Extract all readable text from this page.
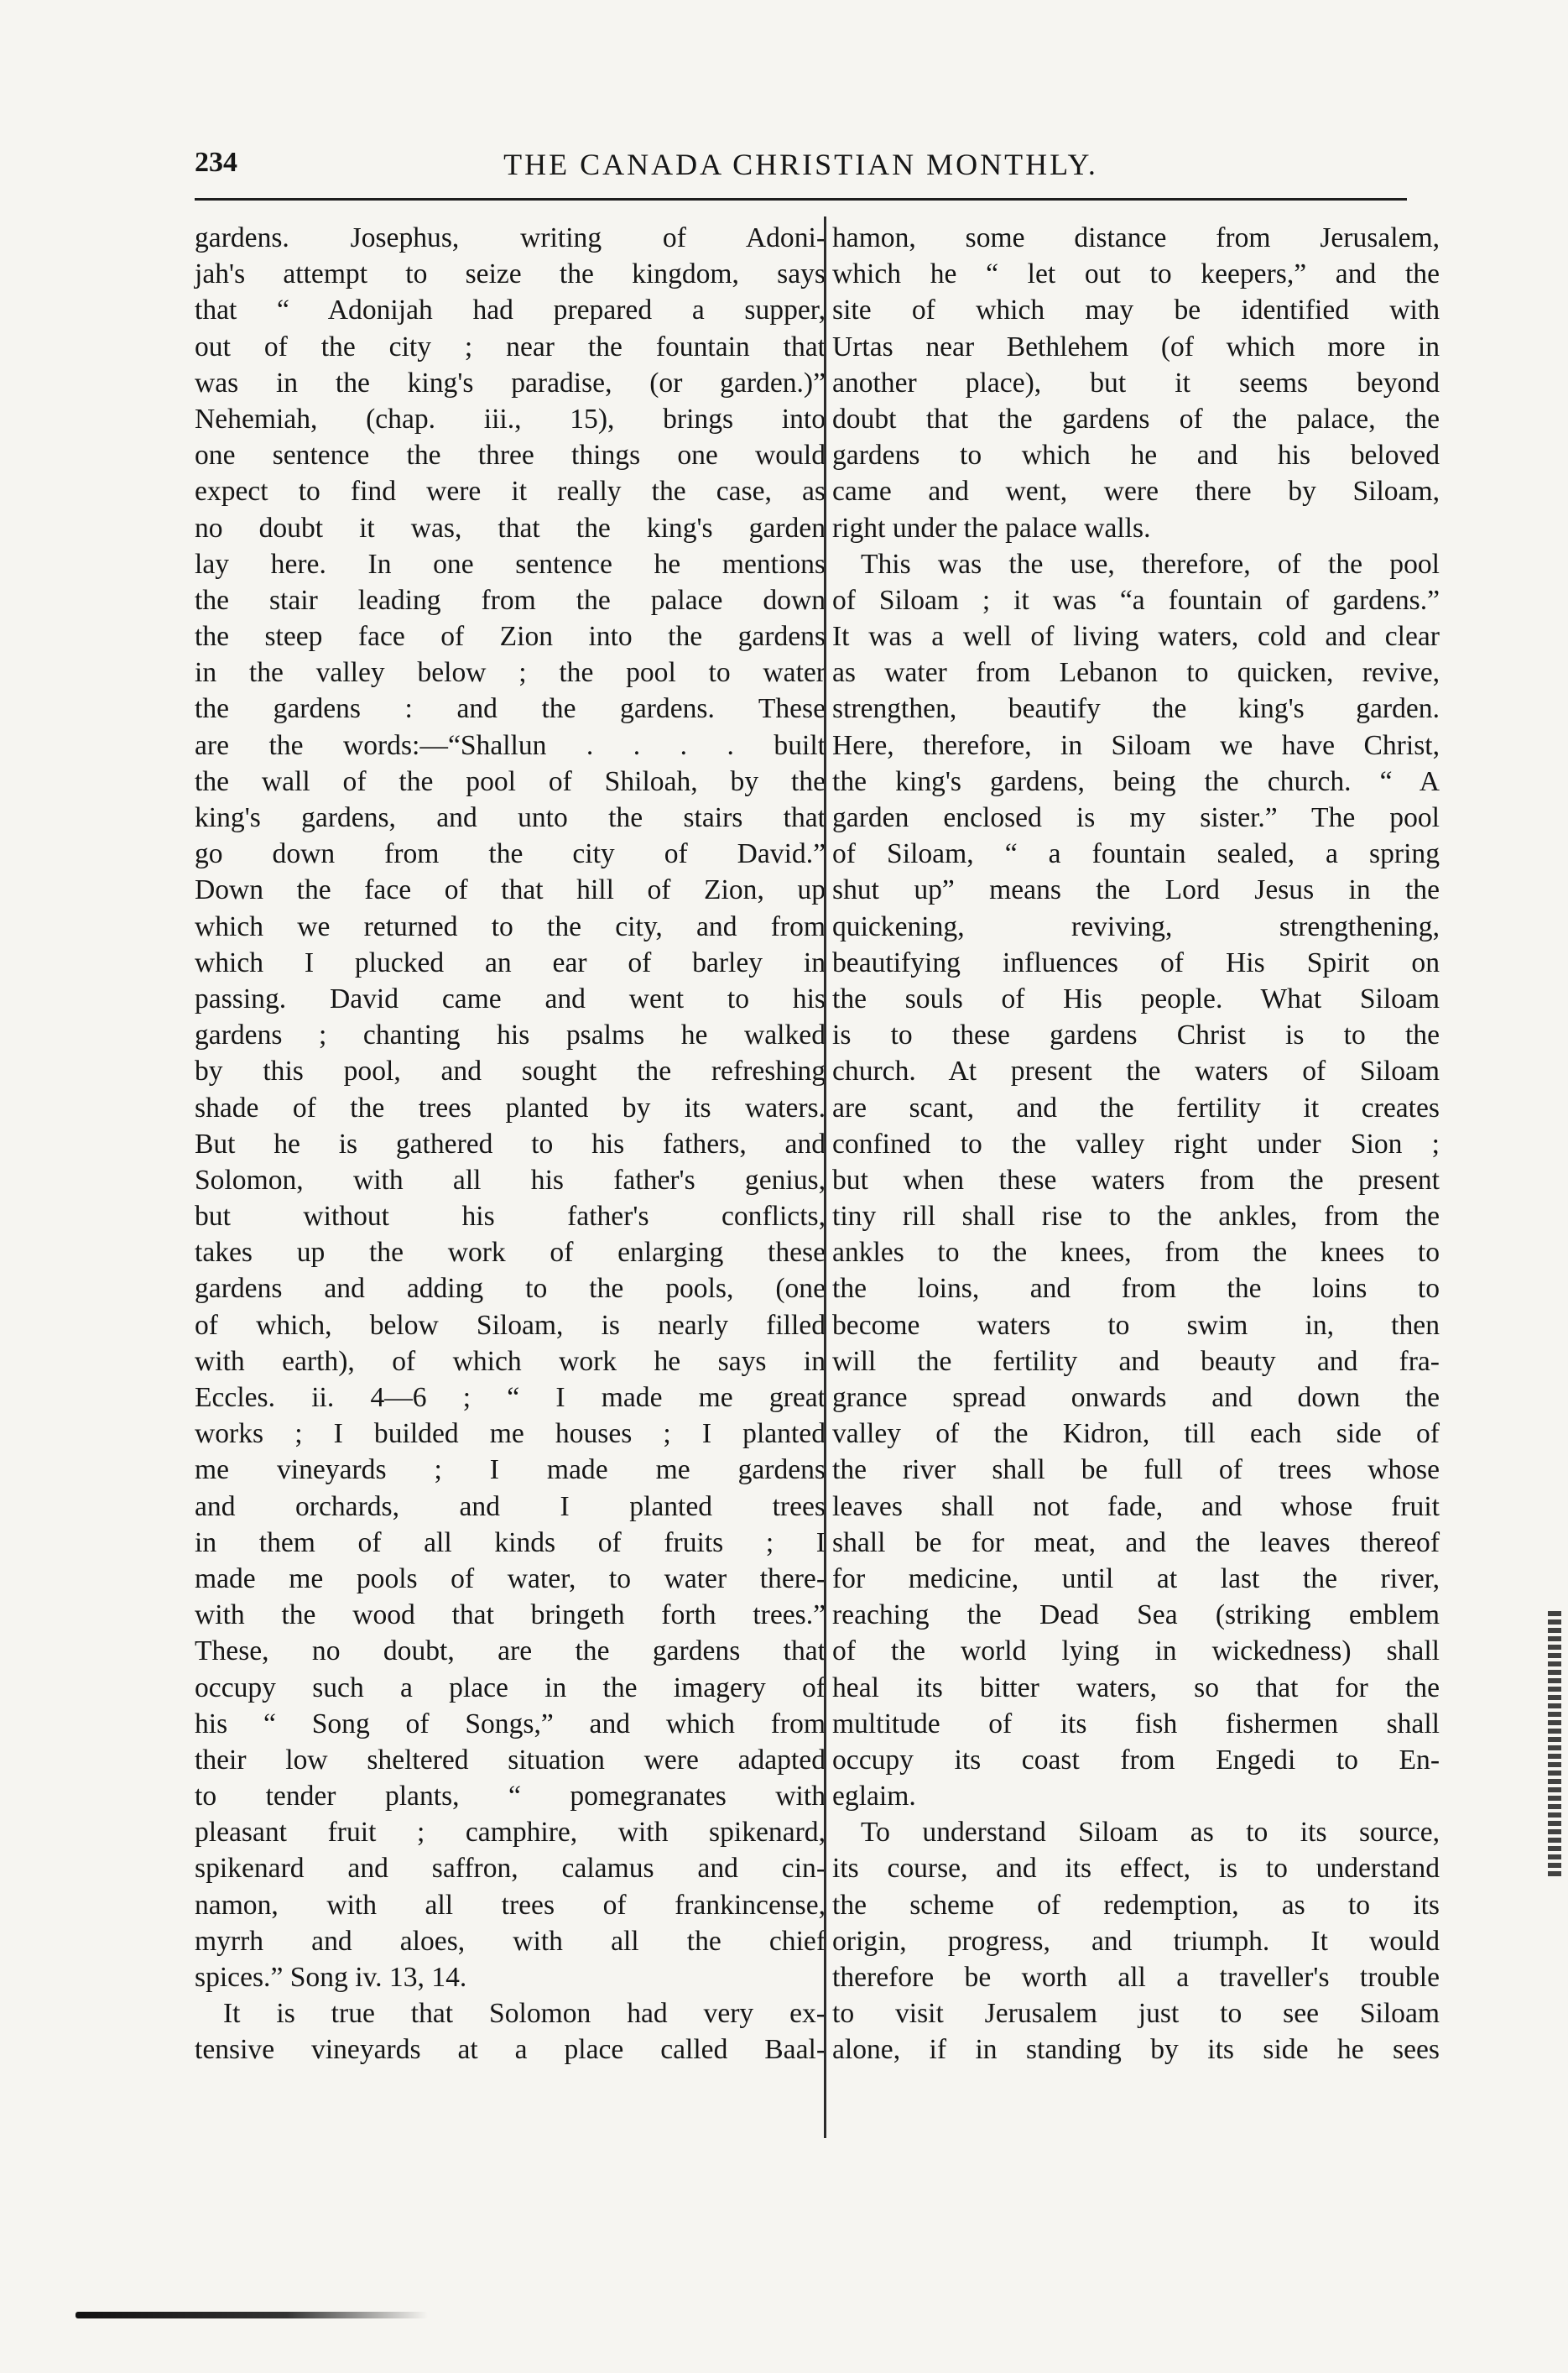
234	THE CANADA CHRISTIAN MONTHLY.
gardens. Josephus, writing of Adoni-
jah's attempt to seize the kingdom, says
that “ Adonijah had prepared a supper,
out of the city ; near the fountain that
was in the king's paradise, (or garden.)”
Nehemiah, (chap. iii., 15), brings into
one sentence the three things one would
expect to find were it really the case, as
no doubt it was, that the king's garden
lay here. In one sentence he mentions
the stair leading from the palace down
the steep face of Zion into the gardens
in the valley below ; the pool to water
the gardens : and the gardens. These
are the words:—“Shallun . . . . built
the wall of the pool of Shiloah, by the
king's gardens, and unto the stairs that
go down from the city of David.”
Down the face of that hill of Zion, up
which we returned to the city, and from
which I plucked an ear of barley in
passing. David came and went to his
gardens ; chanting his psalms he walked
by this pool, and sought the refreshing
shade of the trees planted by its waters.
But he is gathered to his fathers, and
Solomon, with all his father's genius,
but without his father's conflicts,
takes up the work of enlarging these
gardens and adding to the pools, (one
of which, below Siloam, is nearly filled
with earth), of which work he says in
Eccles. ii. 4—6 ; “ I made me great
works ; I builded me houses ; I planted
me vineyards ; I made me gardens
and orchards, and I planted trees
in them of all kinds of fruits ; I
made me pools of water, to water there-
with the wood that bringeth forth trees.”
These, no doubt, are the gardens that
occupy such a place in the imagery of
his “ Song of Songs,” and which from
their low sheltered situation were adapted
to tender plants, “ pomegranates with
pleasant fruit ; camphire, with spikenard,
spikenard and saffron, calamus and cin-
namon, with all trees of frankincense,
myrrh and aloes, with all the chief
spices.” Song iv. 13, 14.
It is true that Solomon had very ex-
tensive vineyards at a place called Baal-
hamon, some distance from Jerusalem,
which he “ let out to keepers,” and the
site of which may be identified with
Urtas near Bethlehem (of which more in
another place), but it seems beyond
doubt that the gardens of the palace, the
gardens to which he and his beloved
came and went, were there by Siloam,
right under the palace walls.
This was the use, therefore, of the pool
of Siloam ; it was “a fountain of gardens.”
It was a well of living waters, cold and clear
as water from Lebanon to quicken, revive,
strengthen, beautify the king's garden.
Here, therefore, in Siloam we have Christ,
the king's gardens, being the church. “ A
garden enclosed is my sister.” The pool
of Siloam, “ a fountain sealed, a spring
shut up” means the Lord Jesus in the
quickening, reviving, strengthening,
beautifying influences of His Spirit on
the souls of His people. What Siloam
is to these gardens Christ is to the
church. At present the waters of Siloam
are scant, and the fertility it creates
confined to the valley right under Sion ;
but when these waters from the present
tiny rill shall rise to the ankles, from the
ankles to the knees, from the knees to
the loins, and from the loins to
become waters to swim in, then
will the fertility and beauty and fra-
grance spread onwards and down the
valley of the Kidron, till each side of
the river shall be full of trees whose
leaves shall not fade, and whose fruit
shall be for meat, and the leaves thereof
for medicine, until at last the river,
reaching the Dead Sea (striking emblem
of the world lying in wickedness) shall
heal its bitter waters, so that for the
multitude of its fish fishermen shall
occupy its coast from Engedi to En-
eglaim.
To understand Siloam as to its source,
its course, and its effect, is to understand
the scheme of redemption, as to its
origin, progress, and triumph. It would
therefore be worth all a traveller's trouble
to visit Jerusalem just to see Siloam
alone, if in standing by its side he sees
